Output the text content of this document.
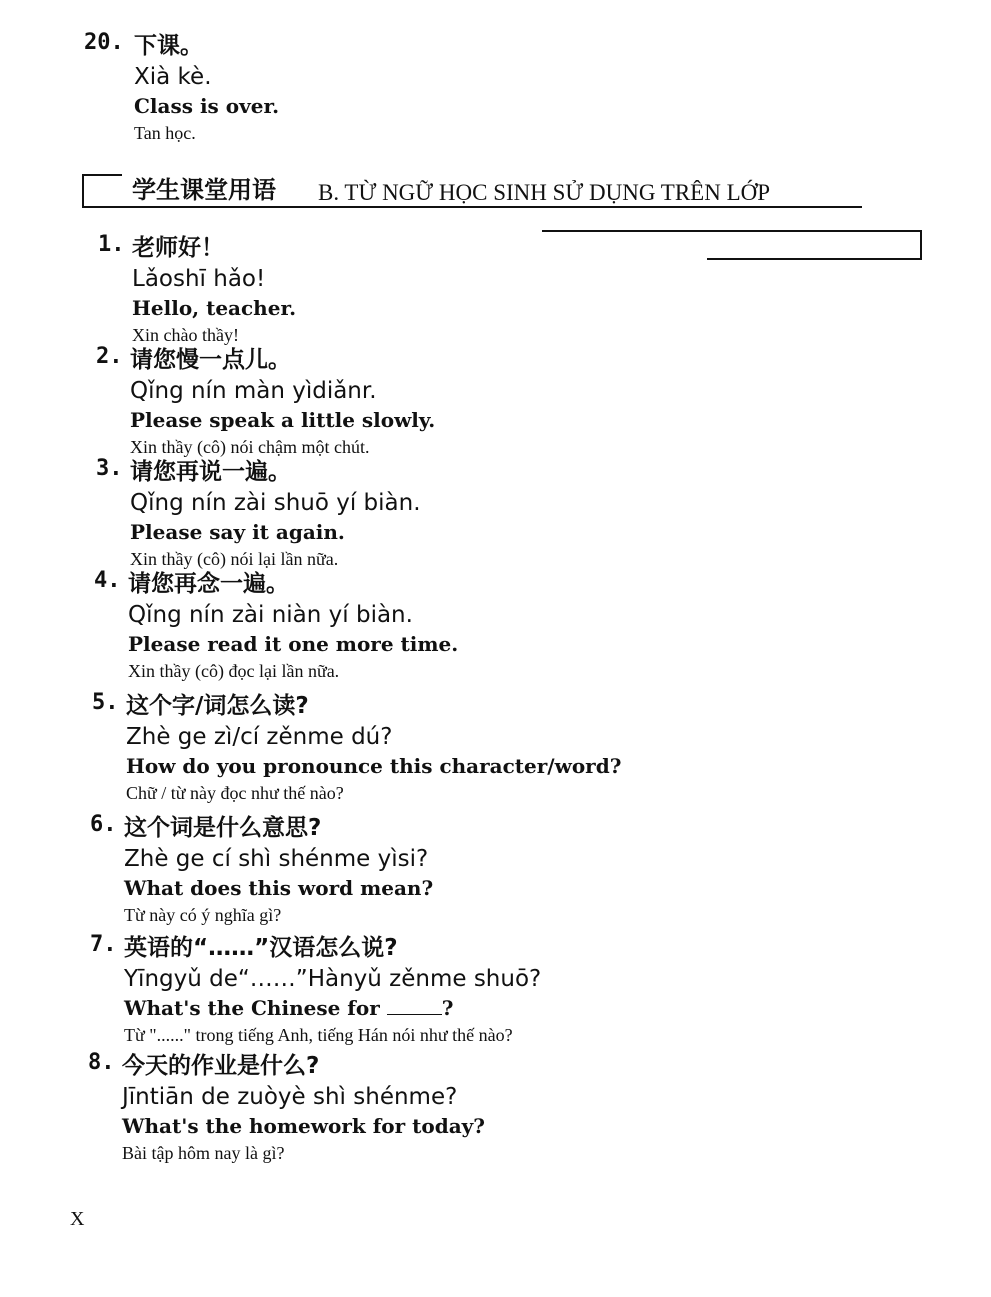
20. 下课。
Xià kè.
Class is over.
Tan học.
学生课堂用语 B. TỪ NGỮ HỌC SINH SỬ DỤNG TRÊN LỚP
1. 老师好！
Lǎoshī hǎo!
Hello, teacher.
Xin chào thầy!
2. 请您慢一点儿。
Qǐng nín màn yìdiǎnr.
Please speak a little slowly.
Xin thầy (cô) nói chậm một chút.
3. 请您再说一遍。
Qǐng nín zài shuō yí biàn.
Please say it again.
Xin thầy (cô) nói lại lần nữa.
4. 请您再念一遍。
Qǐng nín zài niàn yí biàn.
Please read it one more time.
Xin thầy (cô) đọc lại lần nữa.
5. 这个字/词怎么读?
Zhè ge zì/cí zěnme dú?
How do you pronounce this character/word?
Chữ / từ này đọc như thế nào?
6. 这个词是什么意思?
Zhè ge cí shì shénme yìsi?
What does this word mean?
Từ này có ý nghĩa gì?
7. 英语的“……”汉语怎么说?
Yīngyǔ de“……”Hànyǔ zěnme shuō?
What's the Chinese for	?
Từ "......" trong tiếng Anh, tiếng Hán nói như thế nào?
8. 今天的作业是什么?
Jīntiān de zuòyè shì shénme?
What's the homework for today?
Bài tập hôm nay là gì?
X
